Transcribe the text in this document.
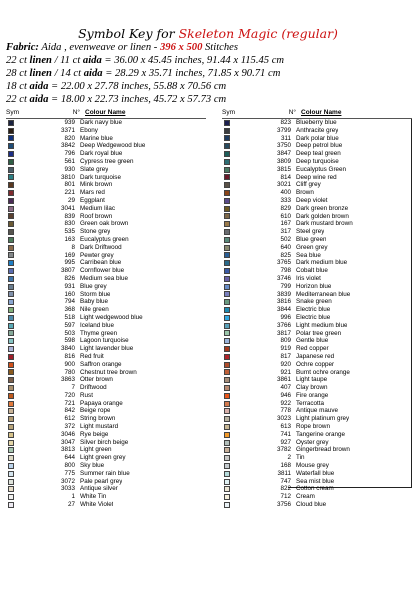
Symbol Key for Skeleton Magic (regular)
Fabric: Aida , evenweave or linen - 396 x 500 Stitches
22 ct linen / 11 ct aida = 36.00 x 45.45 inches, 91.44 x 115.45 cm
28 ct linen / 14 ct aida = 28.29 x 35.71 inches, 71.85 x 90.71 cm
18 ct aida = 22.00 x 27.78 inches, 55.88 x 70.56 cm
22 ct aida = 18.00 x 22.73 inches, 45.72 x 57.73 cm
Sym	N° Colour Name
939 Dark navy blue
3371 Ebony
820 Marine blue
3842 Deep Wedgewood blue
796 Dark royal blue
561 Cypress tree green
930 Slate grey
3810 Dark turquoise
801 Mink brown
221 Mars red
29 Eggplant
3041 Medium lilac
839 Roof brown
830 Green oak brown
535 Stone grey
163 Eucalyptus green
8 Dark Driftwood
169 Pewter grey
995 Carribean blue
3807 Cornflower blue
826 Medium sea blue
931 Blue grey
160 Storm blue
794 Baby blue
368 Nile green
518 Light wedgewood blue
597 Iceland blue
503 Thyme green
598 Lagoon turquoise
3840 Light lavender blue
816 Red fruit
900 Saffron orange
780 Chestnut tree brown
3863 Otter brown
7 Driftwood
720 Rust
721 Papaya orange
842 Beige rope
612 String brown
372 Light mustard
3046 Rye beige
3047 Silver birch beige
3813 Light green
644 Light green grey
800 Sky blue
775 Summer rain blue
3072 Pale pearl grey
3033 Antique silver
1 White Tin
27 White Violet
Sym	N° Colour Name
823 Blueberry blue
3799 Anthracite grey
311 Dark polar blue
3750 Deep petrol blue
3847 Deep teal green
3809 Deep turquoise
3815 Eucalyptus Green
814 Deep wine red
3021 Cliff grey
400 Brown
333 Deep violet
829 Dark green bronze
610 Dark golden brown
167 Dark mustard brown
317 Steel grey
502 Blue green
640 Green grey
825 Sea blue
3765 Dark medium blue
798 Cobalt blue
3746 Iris violet
799 Horizon blue
3839 Mediterranean blue
3816 Snake green
3844 Electric blue
996 Electric blue
3766 Light medium blue
3817 Polar tree green
809 Gentle blue
919 Red copper
817 Japanese red
920 Ochre copper
921 Burnt ochre orange
3861 Light taupe
407 Clay brown
946 Fire orange
922 Terracotta
778 Antique mauve
3023 Light platinum grey
613 Rope brown
741 Tangerine orange
927 Oyster grey
3782 Gingerbread brown
2 Tin
168 Mouse grey
3811 Waterfall blue
747 Sea mist blue
822 Cotton cream
712 Cream
3756 Cloud blue
